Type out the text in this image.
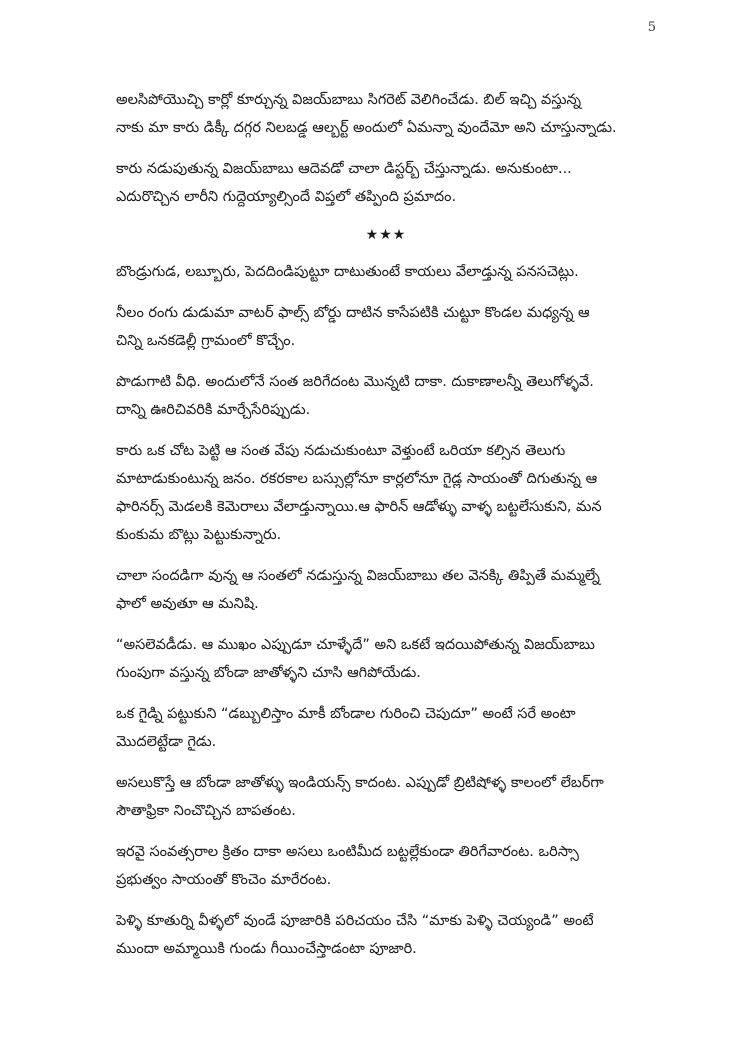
5
అలసిపోయొచ్చి కార్లో కూర్చున్న విజయ్‌బాబు సిగరెట్ వెలిగించేడు. బిల్ ఇచ్చి వస్తున్న
నాకు మా కారు డిక్కీ దగ్గర నిలబడ్డ ఆల్బర్ట్ అందులో ఏమన్నా వుందేమో అని చూస్తున్నాడు.
కారు నడుపుతున్న విజయ్‌బాబు ఆదెవడో చాలా డిస్టర్బ్ చేస్తున్నాడు. అనుకుంటా...
ఎదురొచ్చిన లారీని గుద్దెయ్యాల్సిందే విప్తలో తప్పింది ప్రమాదం.
★★★
బొండ్రుగుడ, లబ్బూరు, పెదదిండిపుట్టూ దాటుతుంటే కాయలు వేలాడ్తున్న పనసచెట్లు.
నీలం రంగు డుడుమా వాటర్ ఫాల్స్ బోర్డు దాటిన కాసేపటికి చుట్టూ కొండల మధ్యన్న ఆ
చిన్ని ఒనకడెల్లీ గ్రామంలో కొచ్చేం.
పొడుగాటి వీధి. అందులోనే సంత జరిగేదంట మొన్నటి దాకా. దుకాణాలన్నీ తెలుగోళ్ళవే.
దాన్ని ఊరిచివరికి మార్చేసేరిప్పుడు.
కారు ఒక చోట పెట్టి ఆ సంత వేపు నడుచుకుంటూ వెళ్తుంటే ఒరియా కల్సిన తెలుగు
మాటాడుకుంటున్న జనం. రకరకాల బస్సుల్లోనూ కార్లలోనూ గైడ్ల సాయంతో దిగుతున్న ఆ
ఫారినర్స్ మెడలకి కెమెరాలు వేలాడ్తున్నాయి.ఆ ఫారిన్ ఆడోళ్ళు వాళ్ళ బట్టలేసుకుని, మన
కుంకుమ బొట్లు పెట్టుకున్నారు.
చాలా సందడిగా వున్న ఆ సంతలో నడుస్తున్న విజయ్‌బాబు తల వెనక్కి తిప్పితే మమ్మల్నే
ఫాలో అవుతూ ఆ మనిషి.
“అసలెవడీడు. ఆ ముఖం ఎప్పుడూ చూళ్ళేదే” అని ఒకటే ఇదయిపోతున్న విజయ్‌బాబు
గుంపుగా వస్తున్న బోండా జాతోళ్ళని చూసి ఆగిపోయేడు.
ఒక గైడ్ని పట్టుకుని “డబ్బులిస్తాం మాకీ బోండాల గురించి చెపుదూ” అంటే సరే అంటా
మొదలెట్టేడా గైడు.
అసలుకొస్తే ఆ బోండా జాతోళ్ళు ఇండియన్స్ కాదంట. ఎప్పుడో బ్రిటిషోళ్ళ కాలంలో లేబర్‌గా
సౌతాఫ్రికా నించొచ్చిన బాపతంట.
ఇరవై సంవత్సరాల క్రితం దాకా అసలు ఒంటిమీద బట్టల్లేకుండా తిరిగేవారంట. ఒరిస్సా
ప్రభుత్వం సాయంతో కొంచెం మారేరంట.
పెళ్ళి కూతుర్ని వీళ్ళలో వుండే పూజారికి పరిచయం చేసి “మాకు పెళ్ళి చెయ్యండి” అంటే
ముందా అమ్మాయికి గుండు గీయించేస్తాడంటా పూజారి.
